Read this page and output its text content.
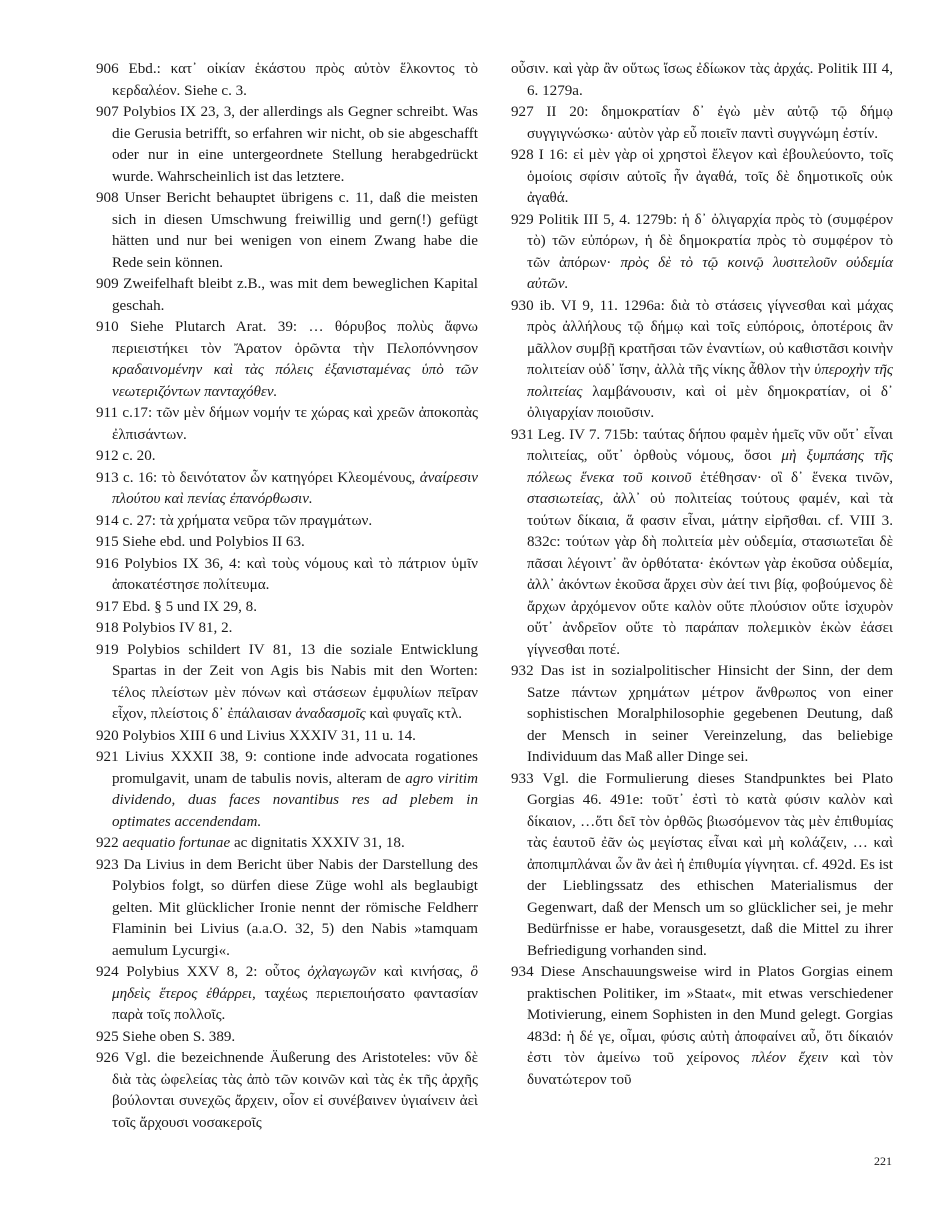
906 Ebd.: κατ᾽ οἰκίαν ἑκάστου πρὸς αὐτὸν ἕλκοντος τὸ κερδαλέον. Siehe c. 3.

907 Polybios IX 23, 3, der allerdings als Gegner schreibt. Was die Gerusia betrifft, so erfahren wir nicht, ob sie abgeschafft oder nur in eine untergeordnete Stellung herabgedrückt wurde. Wahrscheinlich ist das letztere.

908 Unser Bericht behauptet übrigens c. 11, daß die meisten sich in diesen Umschwung freiwillig und gern(!) gefügt hätten und nur bei wenigen von einem Zwang habe die Rede sein können.

909 Zweifelhaft bleibt z.B., was mit dem beweglichen Kapital geschah.

910 Siehe Plutarch Arat. 39: … θόρυβος πολὺς ἄφνω περιειστήκει τὸν Ἄρατον ὁρῶντα τὴν Πελοπόννησον κραδαινομένην καὶ τὰς πόλεις ἐξανισταμένας ὑπὸ τῶν νεωτεριζόντων πανταχόθεν.

911 c.17: τῶν μὲν δήμων νομήν τε χώρας καὶ χρεῶν ἀποκοπὰς ἐλπισάντων.

912 c. 20.

913 c. 16: τὸ δεινότατον ὧν κατηγόρει Κλεομένους, ἀναίρεσιν πλούτου καὶ πενίας ἐπανόρθωσιν.

914 c. 27: τὰ χρήματα νεῦρα τῶν πραγμάτων.

915 Siehe ebd. und Polybios II 63.

916 Polybios IX 36, 4: καὶ τοὺς νόμους καὶ τὸ πάτριον ὑμῖν ἀποκατέστησε πολίτευμα.

917 Ebd. § 5 und IX 29, 8.

918 Polybios IV 81, 2.

919 Polybios schildert IV 81, 13 die soziale Entwicklung Spartas in der Zeit von Agis bis Nabis mit den Worten: τέλος πλείστων μὲν πόνων καὶ στάσεων ἐμφυλίων πεῖραν εἶχον, πλείστοις δ᾽ ἐπάλαισαν ἀναδασμοῖς καὶ φυγαῖς κτλ.

920 Polybios XIII 6 und Livius XXXIV 31, 11 u. 14.

921 Livius XXXII 38, 9: contione inde advocata rogationes promulgavit, unam de tabulis novis, alteram de agro viritim dividendo, duas faces novantibus res ad plebem in optimates accendendam.

922 aequatio fortunae ac dignitatis XXXIV 31, 18.

923 Da Livius in dem Bericht über Nabis der Darstellung des Polybios folgt, so dürfen diese Züge wohl als beglaubigt gelten. Mit glücklicher Ironie nennt der römische Feldherr Flaminin bei Livius (a.a.O. 32, 5) den Nabis »tamquam aemulum Lycurgi«.

924 Polybius XXV 8, 2: οὗτος ὀχλαγωγῶν καὶ κινήσας, ὃ μηδεὶς ἕτερος ἐθάρρει, ταχέως περιεποιήσατο φαντασίαν παρὰ τοῖς πολλοῖς.

925 Siehe oben S. 389.

926 Vgl. die bezeichnende Äußerung des Aristoteles: νῦν δὲ διὰ τὰς ὠφελείας τὰς ἀπὸ τῶν κοινῶν καὶ τὰς ἐκ τῆς ἀρχῆς βούλονται συνεχῶς ἄρχειν, οἷον εἰ συνέβαινεν ὑγιαίνειν ἀεὶ τοῖς ἄρχουσι νοσακεροῖς

οὖσιν. καὶ γὰρ ἂν οὕτως ἴσως ἐδίωκον τὰς ἀρχάς. Politik III 4, 6. 1279a.

927 II 20: δημοκρατίαν δ᾽ ἐγὼ μὲν αὐτῷ τῷ δήμῳ συγγιγνώσκω· αὑτὸν γὰρ εὖ ποιεῖν παντὶ συγγνώμη ἐστίν.

928 I 16: εἰ μὲν γὰρ οἱ χρηστοὶ ἔλεγον καὶ ἐβουλεύοντο, τοῖς ὁμοίοις σφίσιν αὐτοῖς ἦν ἀγαθά, τοῖς δὲ δημοτικοῖς οὐκ ἀγαθά.

929 Politik III 5, 4. 1279b: ἡ δ᾽ ὀλιγαρχία πρὸς τὸ (συμφέρον τὸ) τῶν εὐπόρων, ἡ δὲ δημοκρατία πρὸς τὸ συμφέρον τὸ τῶν ἀπόρων· πρὸς δὲ τὸ τῷ κοινῷ λυσιτελοῦν οὐδεμία αὐτῶν.

930 ib. VI 9, 11. 1296a: διὰ τὸ στάσεις γίγνεσθαι καὶ μάχας πρὸς ἀλλήλους τῷ δήμῳ καὶ τοῖς εὐπόροις, ὁποτέροις ἂν μᾶλλον συμβῇ κρατῆσαι τῶν ἐναντίων, οὐ καθιστᾶσι κοινὴν πολιτείαν οὐδ᾽ ἴσην, ἀλλὰ τῆς νίκης ἆθλον τὴν ὑπεροχὴν τῆς πολιτείας λαμβάνουσιν, καὶ οἱ μὲν δημοκρατίαν, οἱ δ᾽ ὀλιγαρχίαν ποιοῦσιν.

931 Leg. IV 7. 715b: ταύτας δήπου φαμὲν ἡμεῖς νῦν οὔτ᾽ εἶναι πολιτείας, οὔτ᾽ ὀρθοὺς νόμους, ὅσοι μὴ ξυμπάσης τῆς πόλεως ἕνεκα τοῦ κοινοῦ ἐτέθησαν· οἳ δ᾽ ἕνεκα τινῶν, στασιωτείας, ἀλλ᾽ οὐ πολιτείας τούτους φαμέν, καὶ τὰ τούτων δίκαια, ἅ φασιν εἶναι, μάτην εἰρῆσθαι. cf. VIII 3. 832c: τούτων γὰρ δὴ πολιτεία μὲν οὐδεμία, στασιωτεῖαι δὲ πᾶσαι λέγοιντ᾽ ἂν ὀρθότατα· ἑκόντων γὰρ ἑκοῦσα οὐδεμία, ἀλλ᾽ ἀκόντων ἑκοῦσα ἄρχει σὺν ἀεί τινι βίᾳ, φοβούμενος δὲ ἄρχων ἀρχόμενον οὔτε καλὸν οὔτε πλούσιον οὔτε ἰσχυρὸν οὔτ᾽ ἀνδρεῖον οὔτε τὸ παράπαν πολεμικὸν ἑκὼν ἐάσει γίγνεσθαι ποτέ.

932 Das ist in sozialpolitischer Hinsicht der Sinn, der dem Satze πάντων χρημάτων μέτρον ἄνθρωπος von einer sophistischen Moralphilosophie gegebenen Deutung, daß der Mensch in seiner Vereinzelung, das beliebige Individuum das Maß aller Dinge sei.

933 Vgl. die Formulierung dieses Standpunktes bei Plato Gorgias 46. 491e: τοῦτ᾽ ἐστὶ τὸ κατὰ φύσιν καλὸν καὶ δίκαιον, …ὅτι δεῖ τὸν ὀρθῶς βιωσόμενον τὰς μὲν ἐπιθυμίας τὰς ἑαυτοῦ ἐᾶν ὡς μεγίστας εἶναι καὶ μὴ κολάζειν, … καὶ ἀποπιμπλάναι ὧν ἂν ἀεὶ ἡ ἐπιθυμία γίγνηται. cf. 492d. Es ist der Lieblingssatz des ethischen Materialismus der Gegenwart, daß der Mensch um so glücklicher sei, je mehr Bedürfnisse er habe, vorausgesetzt, daß die Mittel zu ihrer Befriedigung vorhanden sind.

934 Diese Anschauungsweise wird in Platos Gorgias einem praktischen Politiker, im »Staat«, mit etwas verschiedener Motivierung, einem Sophisten in den Mund gelegt. Gorgias 483d: ἡ δέ γε, οἶμαι, φύσις αὐτὴ ἀποφαίνει αὖ, ὅτι δίκαιόν ἐστι τὸν ἀμείνω τοῦ χείρονος πλέον ἔχειν καὶ τὸν δυνατώτερον τοῦ

221
